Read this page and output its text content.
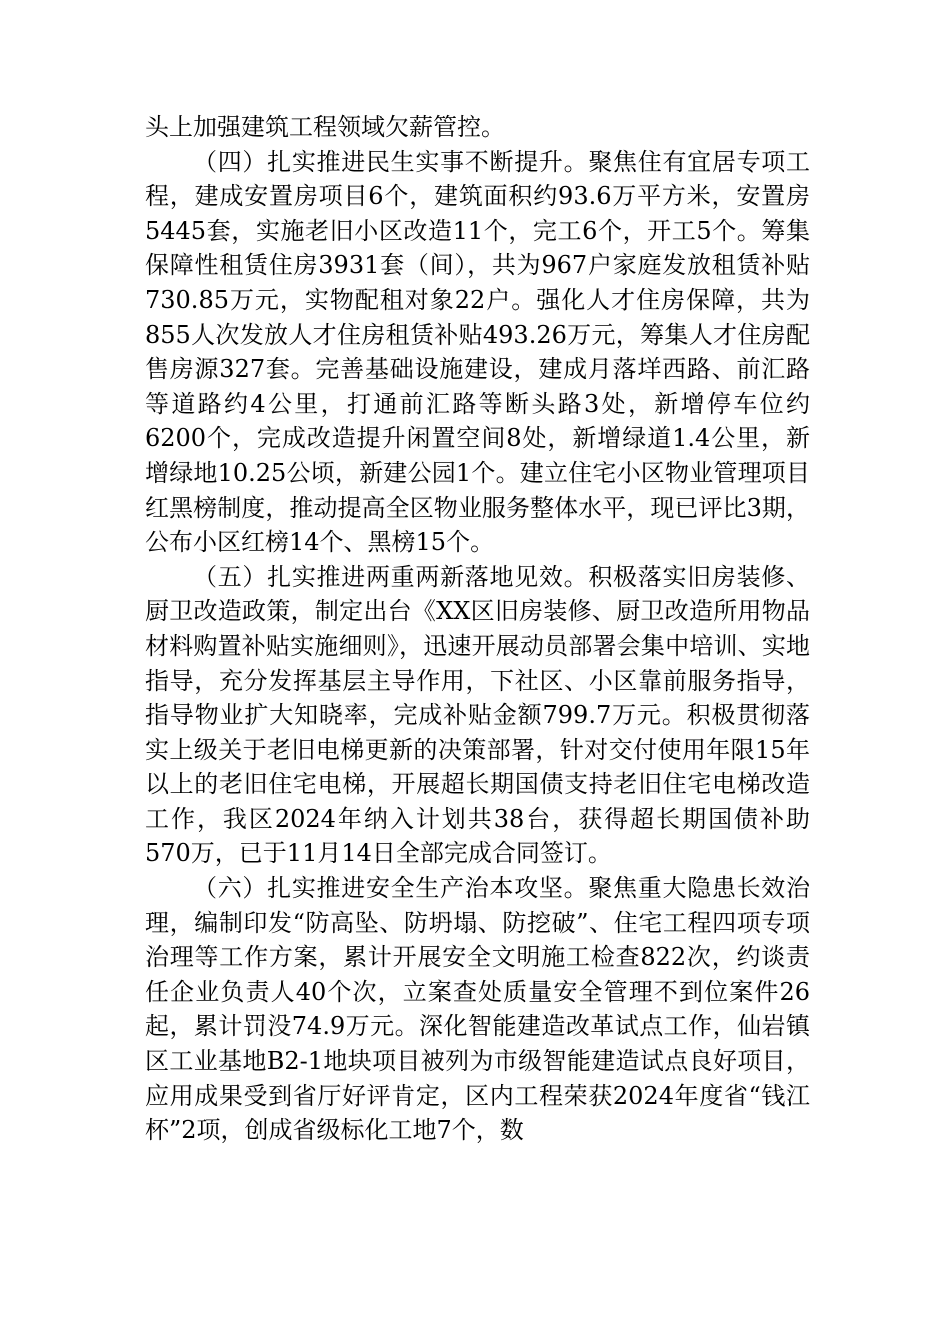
头上加强建筑工程领域欠薪管控。

（四）扎实推进民生实事不断提升。聚焦住有宜居专项工程，建成安置房项目6个，建筑面积约93.6万平方米，安置房5445套，实施老旧小区改造11个，完工6个，开工5个。筹集保障性租赁住房3931套（间），共为967户家庭发放租赁补贴730.85万元，实物配租对象22户。强化人才住房保障，共为855人次发放人才住房租赁补贴493.26万元，筹集人才住房配售房源327套。完善基础设施建设，建成月落垟西路、前汇路等道路约4公里，打通前汇路等断头路3处，新增停车位约6200个，完成改造提升闲置空间8处，新增绿道1.4公里，新增绿地10.25公顷，新建公园1个。建立住宅小区物业管理项目红黑榜制度，推动提高全区物业服务整体水平，现已评比3期，公布小区红榜14个、黑榜15个。

（五）扎实推进两重两新落地见效。积极落实旧房装修、厨卫改造政策，制定出台《XX区旧房装修、厨卫改造所用物品材料购置补贴实施细则》，迅速开展动员部署会集中培训、实地指导，充分发挥基层主导作用，下社区、小区靠前服务指导，指导物业扩大知晓率，完成补贴金额799.7万元。积极贯彻落实上级关于老旧电梯更新的决策部署，针对交付使用年限15年以上的老旧住宅电梯，开展超长期国债支持老旧住宅电梯改造工作，我区2024年纳入计划共38台，获得超长期国债补助570万，已于11月14日全部完成合同签订。

（六）扎实推进安全生产治本攻坚。聚焦重大隐患长效治理，编制印发“防高坠、防坍塌、防挖破”、住宅工程四项专项治理等工作方案，累计开展安全文明施工检查822次，约谈责任企业负责人40个次，立案查处质量安全管理不到位案件26起，累计罚没74.9万元。深化智能建造改革试点工作，仙岩镇区工业基地B2-1地块项目被列为市级智能建造试点良好项目，应用成果受到省厅好评肯定，区内工程荣获2024年度省“钱江杯”2项，创成省级标化工地7个，数
